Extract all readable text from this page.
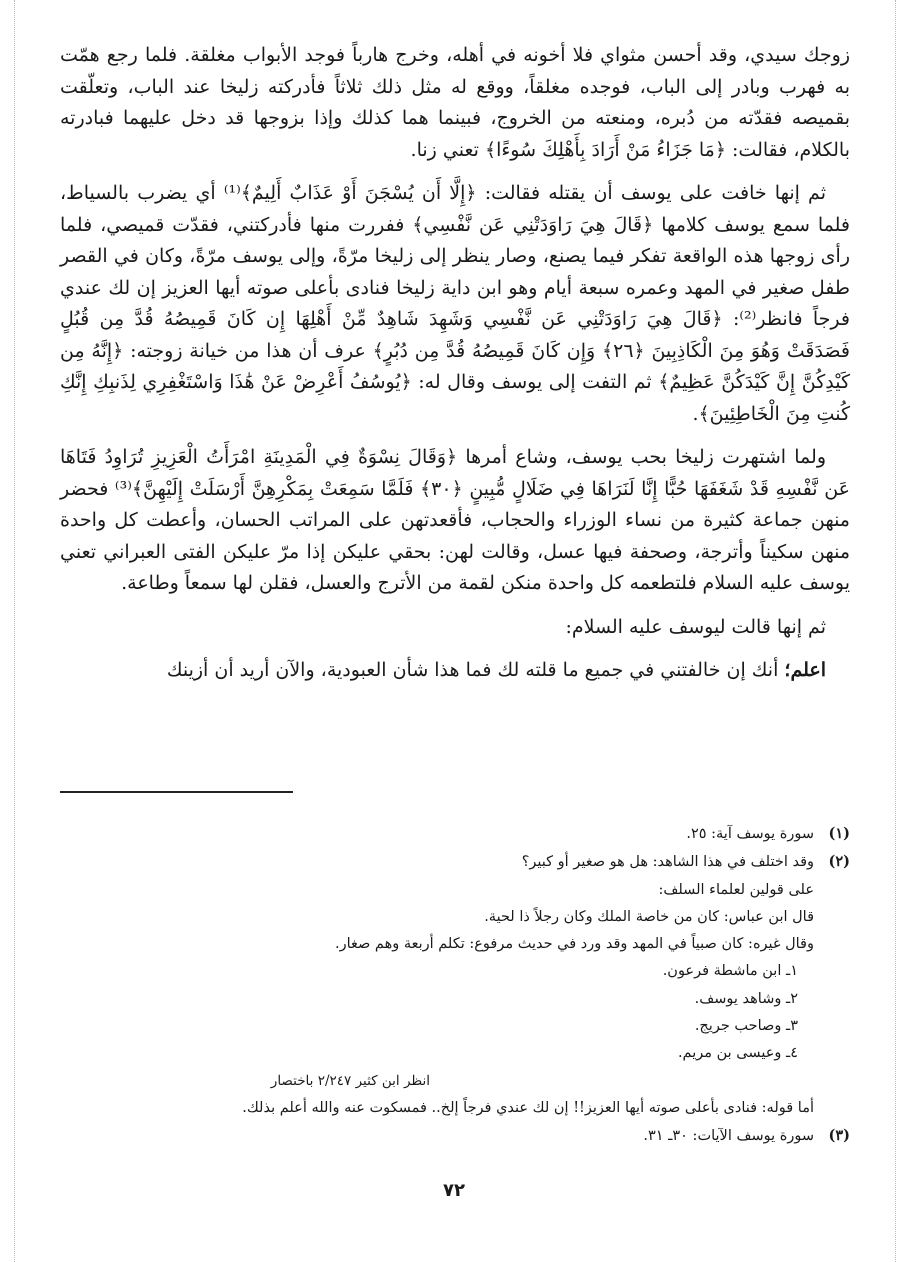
زوجك سيدي، وقد أحسن مثواي فلا أخونه في أهله، وخرج هارباً فوجد الأبواب مغلقة. فلما رجع همّت به فهرب وبادر إلى الباب، فوجده مغلقاً، ووقع له مثل ذلك ثلاثاً فأدركته زليخا عند الباب، وتعلّقت بقميصه فقدّته من دُبره، ومنعته من الخروج، فبينما هما كذلك وإذا بزوجها قد دخل عليهما فبادرته بالكلام، فقالت: ﴿مَا جَزَاءُ مَنْ أَرَادَ بِأَهْلِكَ سُوءًا﴾ تعني زنا.

ثم إنها خافت على يوسف أن يقتله فقالت: ﴿إِلَّا أَن يُسْجَنَ أَوْ عَذَابٌ أَلِيمٌ﴾⁽¹⁾ أي يضرب بالسياط، فلما سمع يوسف كلامها ﴿قَالَ هِيَ رَاوَدَتْنِي عَن نَّفْسِي﴾ ففررت منها فأدركتني، فقدّت قميصي، فلما رأى زوجها هذه الواقعة تفكر فيما يصنع، وصار ينظر إلى زليخا مرّةً، وإلى يوسف مرّةً، وكان في القصر طفل صغير في المهد وعمره سبعة أيام وهو ابن داية زليخا فنادى بأعلى صوته أيها العزيز إن لك عندي فرجاً فانظر⁽²⁾: ﴿قَالَ هِيَ رَاوَدَتْنِي عَن نَّفْسِي وَشَهِدَ شَاهِدٌ مِّنْ أَهْلِهَا إِن كَانَ قَمِيصُهُ قُدَّ مِن قُبُلٍ فَصَدَقَتْ وَهُوَ مِنَ الْكَاذِبِينَ ﴿٢٦﴾ وَإِن كَانَ قَمِيصُهُ قُدَّ مِن دُبُرٍ﴾ عرف أن هذا من خيانة زوجته: ﴿إِنَّهُ مِن كَيْدِكُنَّ إِنَّ كَيْدَكُنَّ عَظِيمٌ﴾ ثم التفت إلى يوسف وقال له: ﴿يُوسُفُ أَعْرِضْ عَنْ هَٰذَا وَاسْتَغْفِرِي لِذَنبِكِ إِنَّكِ كُنتِ مِنَ الْخَاطِئِينَ﴾.

ولما اشتهرت زليخا بحب يوسف، وشاع أمرها ﴿وَقَالَ نِسْوَةٌ فِي الْمَدِينَةِ امْرَأَتُ الْعَزِيزِ تُرَاوِدُ فَتَاهَا عَن نَّفْسِهِ قَدْ شَغَفَهَا حُبًّا إِنَّا لَنَرَاهَا فِي ضَلَالٍ مُّبِينٍ ﴿٣٠﴾ فَلَمَّا سَمِعَتْ بِمَكْرِهِنَّ أَرْسَلَتْ إِلَيْهِنَّ﴾⁽³⁾ فحضر منهن جماعة كثيرة من نساء الوزراء والحجاب، فأقعدتهن على المراتب الحسان، وأعطت كل واحدة منهن سكيناً وأترجة، وصحفة فيها عسل، وقالت لهن: بحقي عليكن إذا مرّ عليكن الفتى العبراني تعني يوسف عليه السلام فلتطعمه كل واحدة منكن لقمة من الأترج والعسل، فقلن لها سمعاً وطاعة.

ثم إنها قالت ليوسف عليه السلام:

اعلم؛ أنك إن خالفتني في جميع ما قلته لك فما هذا شأن العبودية، والآن أريد أن أزينك

(١)سورة يوسف آية: ٢٥.
(٢)وقد اختلف في هذا الشاهد: هل هو صغير أو كبير؟
على قولين لعلماء السلف:
قال ابن عباس: كان من خاصة الملك وكان رجلاً ذا لحية.
وقال غيره: كان صبياً في المهد وقد ورد في حديث مرفوع: تكلم أربعة وهم صغار.
١ـ ابن ماشطة فرعون.
٢ـ وشاهد يوسف.
٣ـ وصاحب جريج.
٤ـ وعيسى بن مريم.
انظر ابن كثير ٢/٢٤٧ باختصار
أما قوله: فنادى بأعلى صوته أيها العزيز!! إن لك عندي فرجاً إلخ.. فمسكوت عنه والله أعلم بذلك.
(٣)سورة يوسف الآيات: ٣٠ـ ٣١.
٧٢
